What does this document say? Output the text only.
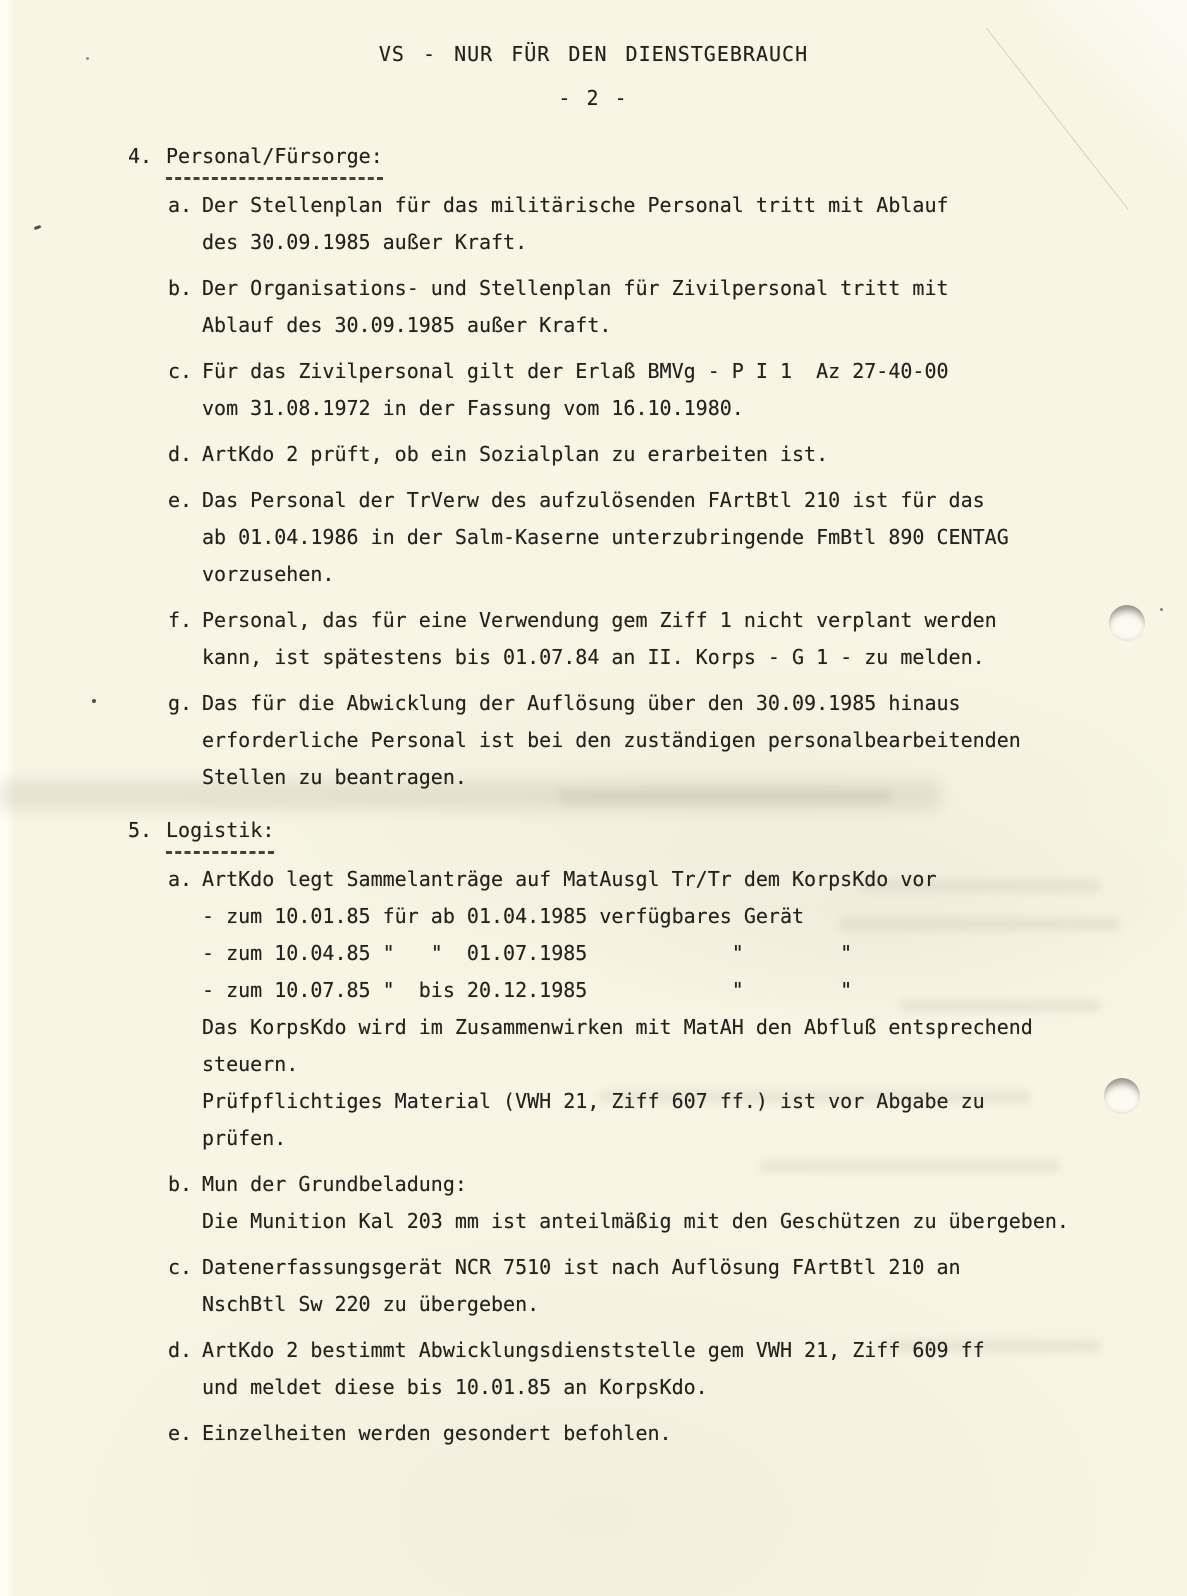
VS - NUR FÜR DEN DIENSTGEBRAUCH
- 2 -
4. Personal/Fürsorge:
a. Der Stellenplan für das militärische Personal tritt mit Ablauf
des 30.09.1985 außer Kraft.
b. Der Organisations- und Stellenplan für Zivilpersonal tritt mit
Ablauf des 30.09.1985 außer Kraft.
c. Für das Zivilpersonal gilt der Erlaß BMVg - P I 1  Az 27-40-00
vom 31.08.1972 in der Fassung vom 16.10.1980.
d. ArtKdo 2 prüft, ob ein Sozialplan zu erarbeiten ist.
e. Das Personal der TrVerw des aufzulösenden FArtBtl 210 ist für das
ab 01.04.1986 in der Salm-Kaserne unterzubringende FmBtl 890 CENTAG
vorzusehen.
f. Personal, das für eine Verwendung gem Ziff 1 nicht verplant werden
kann, ist spätestens bis 01.07.84 an II. Korps - G 1 - zu melden.
g. Das für die Abwicklung der Auflösung über den 30.09.1985 hinaus
erforderliche Personal ist bei den zuständigen personalbearbeitenden
Stellen zu beantragen.
5. Logistik:
a. ArtKdo legt Sammelanträge auf MatAusgl Tr/Tr dem KorpsKdo vor
- zum 10.01.85 für ab 01.04.1985 verfügbares Gerät
- zum 10.04.85 "   "  01.07.1985            "        "
- zum 10.07.85 "  bis 20.12.1985            "        "
Das KorpsKdo wird im Zusammenwirken mit MatAH den Abfluß entsprechend
steuern.
Prüfpflichtiges Material (VWH 21, Ziff 607 ff.) ist vor Abgabe zu
prüfen.
b. Mun der Grundbeladung:
Die Munition Kal 203 mm ist anteilmäßig mit den Geschützen zu übergeben.
c. Datenerfassungsgerät NCR 7510 ist nach Auflösung FArtBtl 210 an
NschBtl Sw 220 zu übergeben.
d. ArtKdo 2 bestimmt Abwicklungsdienststelle gem VWH 21, Ziff 609 ff
und meldet diese bis 10.01.85 an KorpsKdo.
e. Einzelheiten werden gesondert befohlen.
